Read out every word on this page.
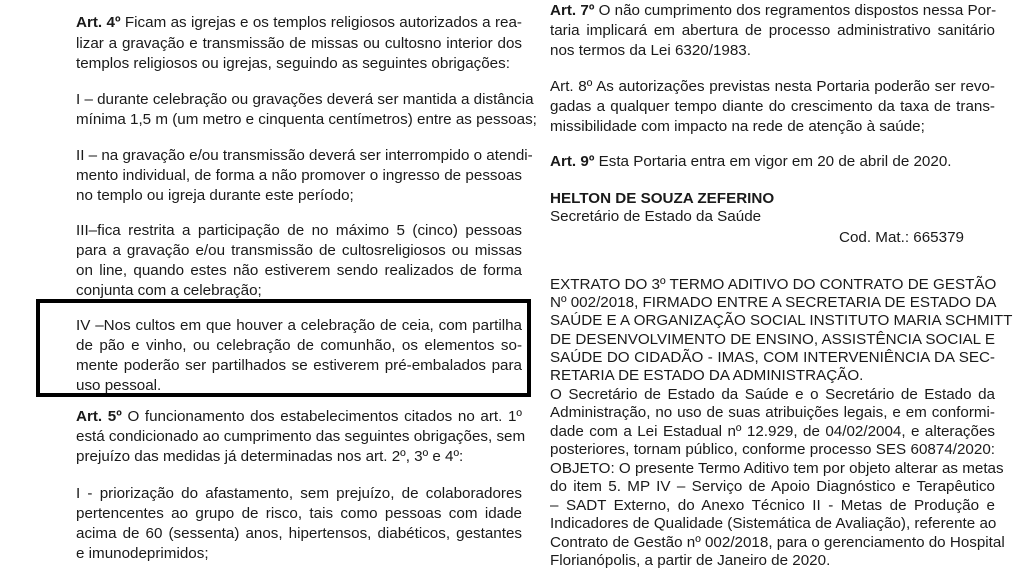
Art. 4º Ficam as igrejas e os templos religiosos autorizados a rea-
lizar a gravação e transmissão de missas ou cultosno interior dos
templos religiosos ou igrejas, seguindo as seguintes obrigações:
I – durante celebração ou gravações deverá ser mantida a distância
mínima 1,5 m (um metro e cinquenta centímetros) entre as pessoas;
II – na gravação e/ou transmissão deverá ser interrompido o atendi-
mento individual, de forma a não promover o ingresso de pessoas
no templo ou igreja durante este período;
III–fica restrita a participação de no máximo 5 (cinco) pessoas
para a gravação e/ou transmissão de cultosreligiosos ou missas
on line, quando estes não estiverem sendo realizados de forma
conjunta com a celebração;
IV –Nos cultos em que houver a celebração de ceia, com partilha
de pão e vinho, ou celebração de comunhão, os elementos so-
mente poderão ser partilhados se estiverem pré-embalados para
uso pessoal.
Art. 5º O funcionamento dos estabelecimentos citados no art. 1º
está condicionado ao cumprimento das seguintes obrigações, sem
prejuízo das medidas já determinadas nos art. 2º, 3º e 4º:
I - priorização do afastamento, sem prejuízo, de colaboradores
pertencentes ao grupo de risco, tais como pessoas com idade
acima de 60 (sessenta) anos, hipertensos, diabéticos, gestantes
e imunodeprimidos;
Art. 7º O não cumprimento dos regramentos dispostos nessa Por-
taria implicará em abertura de processo administrativo sanitário
nos termos da Lei 6320/1983.
Art. 8º As autorizações previstas nesta Portaria poderão ser revo-
gadas a qualquer tempo diante do crescimento da taxa de trans-
missibilidade com impacto na rede de atenção à saúde;
Art. 9º Esta Portaria entra em vigor em 20 de abril de 2020.
HELTON DE SOUZA ZEFERINO
Secretário de Estado da Saúde
Cod. Mat.: 665379
EXTRATO DO 3º TERMO ADITIVO DO CONTRATO DE GESTÃO
Nº 002/2018, FIRMADO ENTRE A SECRETARIA DE ESTADO DA
SAÚDE E A ORGANIZAÇÃO SOCIAL INSTITUTO MARIA SCHMITT
DE DESENVOLVIMENTO DE ENSINO, ASSISTÊNCIA SOCIAL E
SAÚDE DO CIDADÃO - IMAS, COM INTERVENIÊNCIA DA SEC-
RETARIA DE ESTADO DA ADMINISTRAÇÃO.
O Secretário de Estado da Saúde e o Secretário de Estado da
Administração, no uso de suas atribuições legais, e em conformi-
dade com a Lei Estadual nº 12.929, de 04/02/2004, e alterações
posteriores, tornam público, conforme processo SES 60874/2020:
OBJETO: O presente Termo Aditivo tem por objeto alterar as metas
do item 5. MP IV – Serviço de Apoio Diagnóstico e Terapêutico
– SADT Externo, do Anexo Técnico II - Metas de Produção e
Indicadores de Qualidade (Sistemática de Avaliação), referente ao
Contrato de Gestão nº 002/2018, para o gerenciamento do Hospital
Florianópolis, a partir de Janeiro de 2020.
